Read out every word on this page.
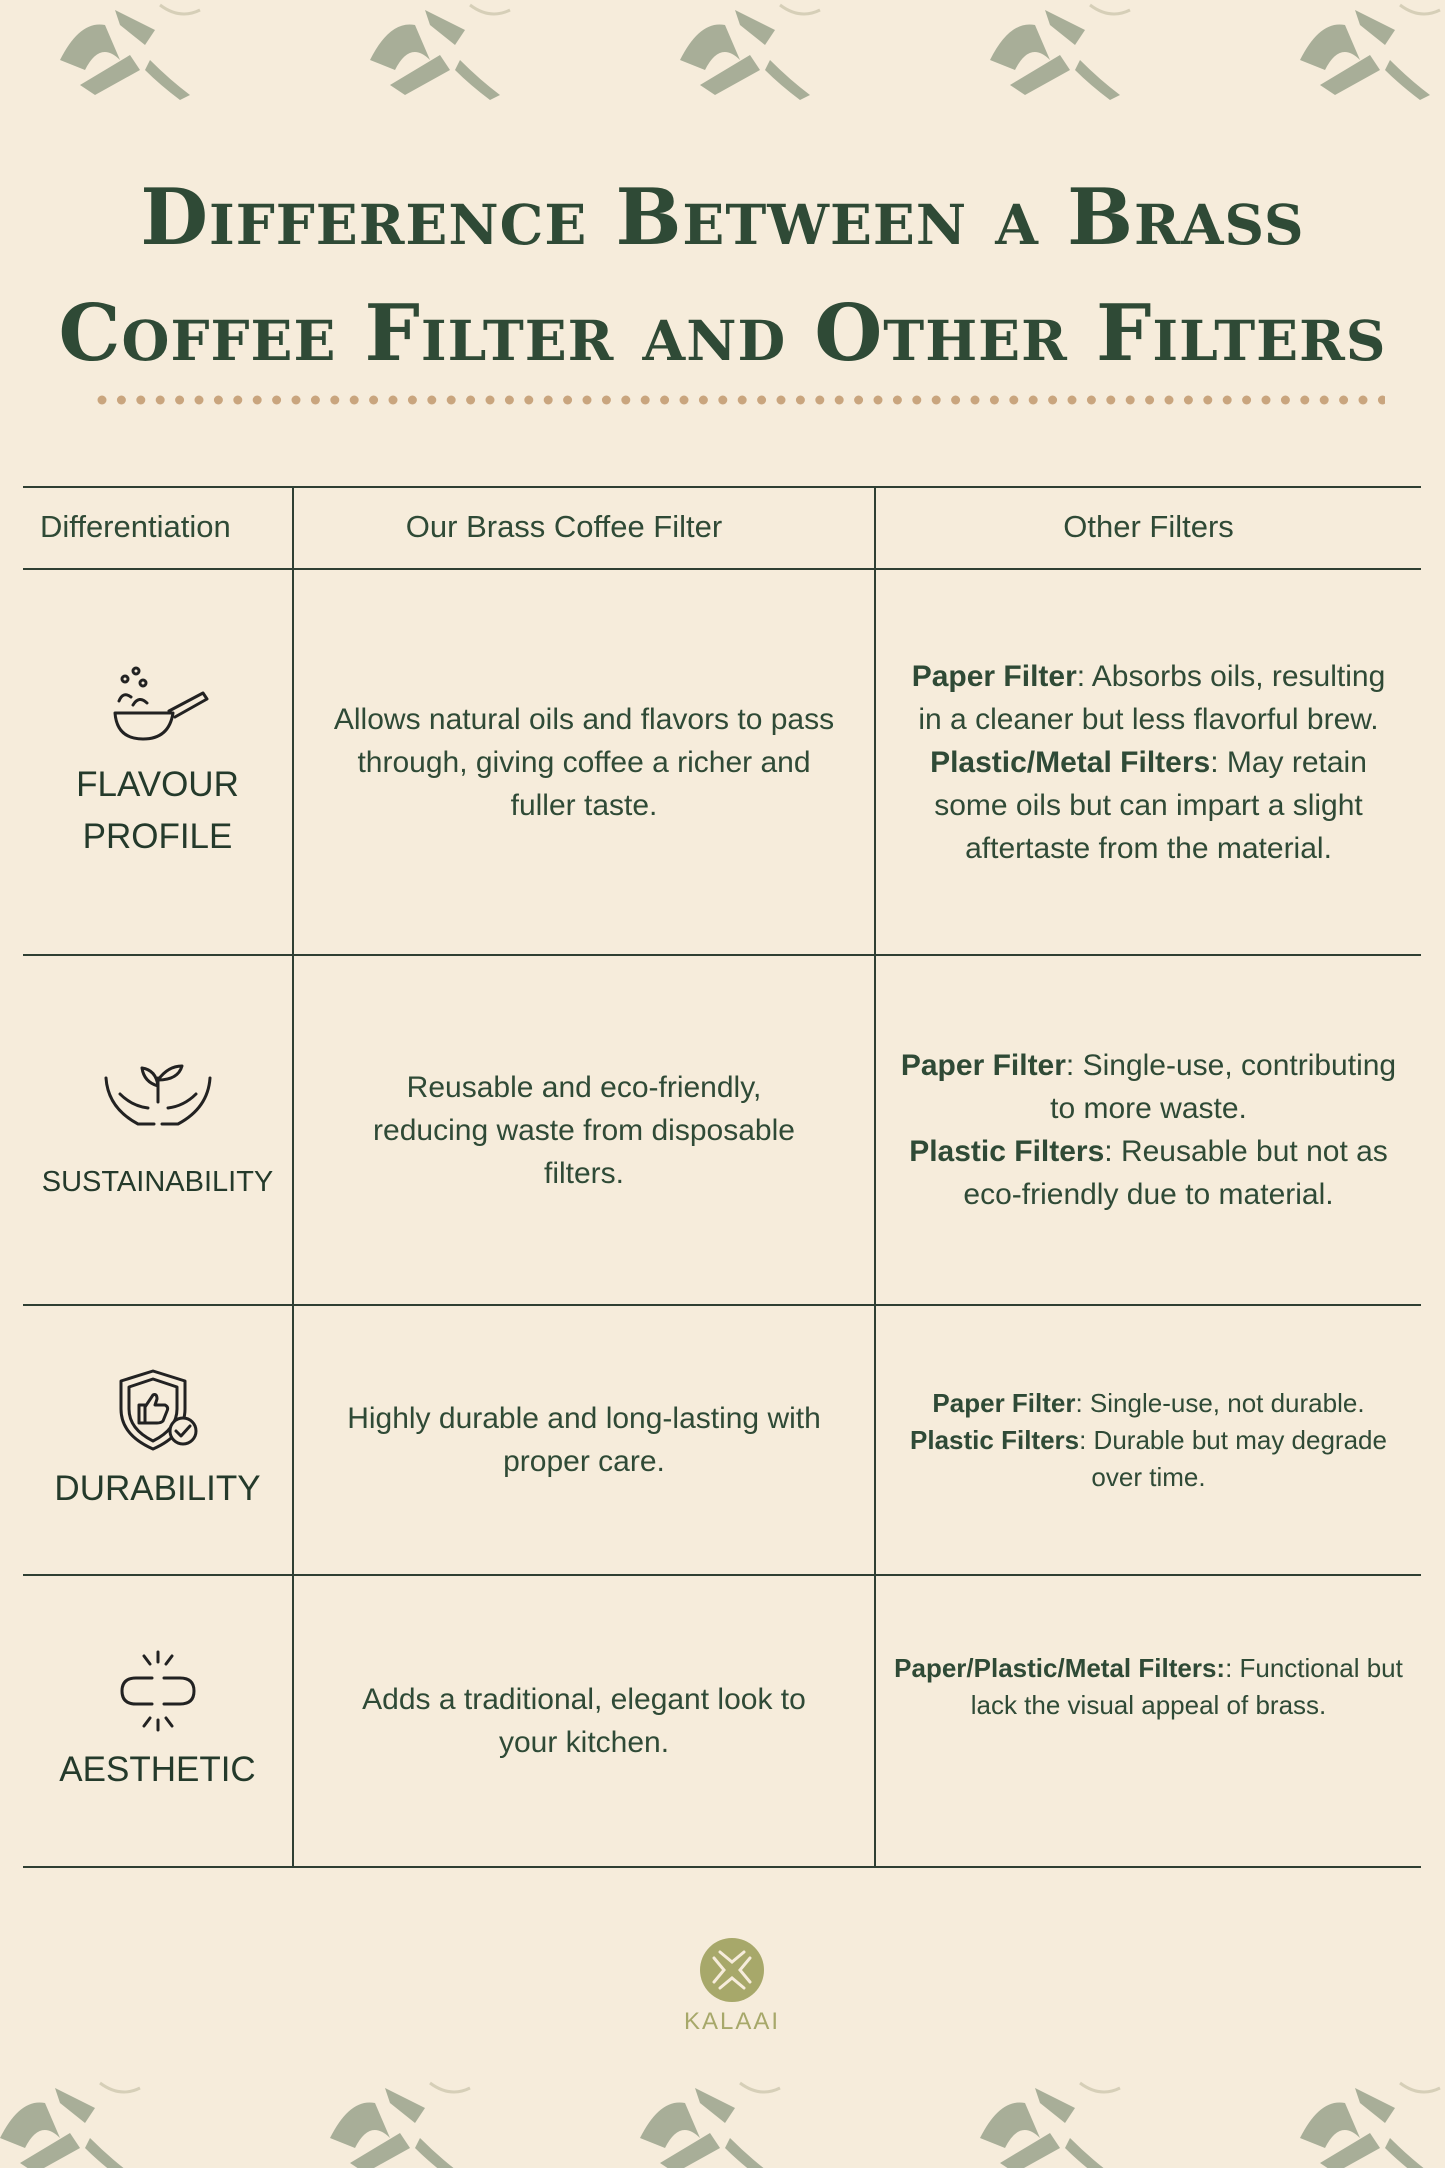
Difference Between a Brass
Coffee Filter and Other Filters
Differentiation	Our Brass Coffee Filter	Other Filters
FLAVOUR
PROFILE
Allows natural oils and flavors to pass through, giving coffee a richer and fuller taste.
Paper Filter: Absorbs oils, resulting in a cleaner but less flavorful brew.
Plastic/Metal Filters: May retain some oils but can impart a slight aftertaste from the material.
SUSTAINABILITY
Reusable and eco-friendly, reducing waste from disposable filters.
Paper Filter: Single-use, contributing to more waste.
Plastic Filters: Reusable but not as eco-friendly due to material.
DURABILITY
Highly durable and long-lasting with proper care.
Paper Filter: Single-use, not durable.
Plastic Filters: Durable but may degrade over time.
AESTHETIC
Adds a traditional, elegant look to your kitchen.
Paper/Plastic/Metal Filters:: Functional but lack the visual appeal of brass.
KALAAI
